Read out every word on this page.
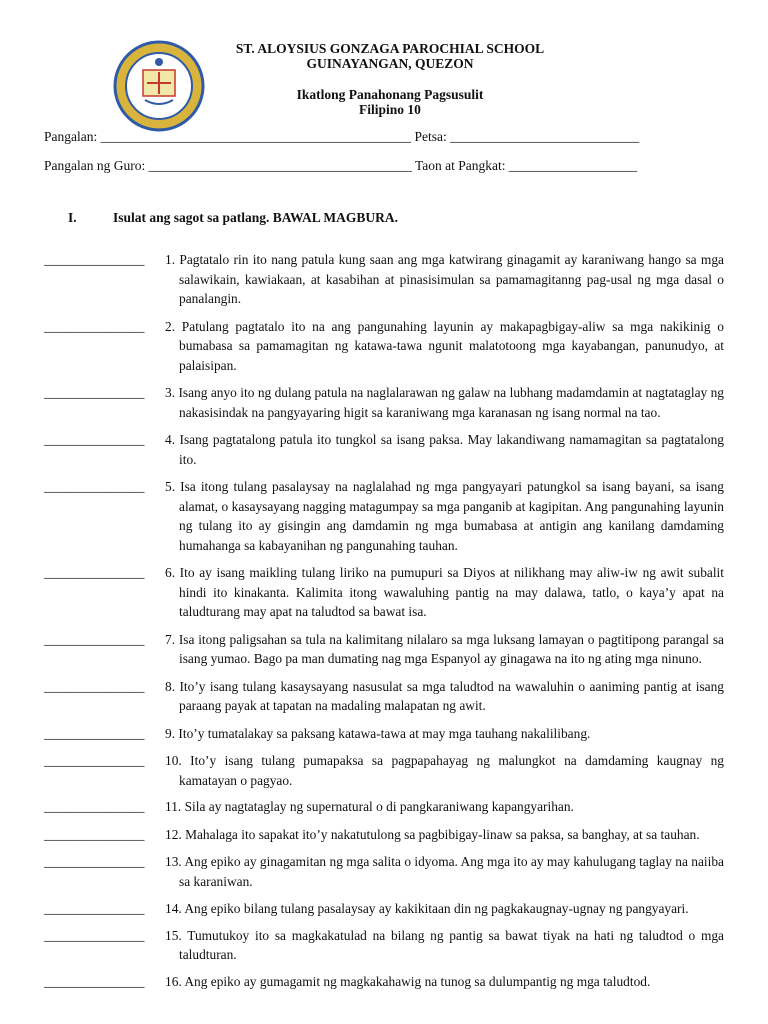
ST. ALOYSIUS GONZAGA PAROCHIAL SCHOOL
GUINAYANGAN, QUEZON
Ikatlong Panahonang Pagsusulit
Filipino 10
Pangalan: ______________________________________________ Petsa: ____________________________
Pangalan ng Guro: _______________________________________ Taon at Pangkat: ___________________
I.	Isulat ang sagot sa patlang. BAWAL MAGBURA.
_______________ 1. Pagtatalo rin ito nang patula kung saan ang mga katwirang ginagamit ay karaniwang hango sa mga salawikain, kawiakaan, at kasabihan at pinasisimulan sa pamamagitanng pag-usal ng mga dasal o panalangin.
_______________ 2. Patulang pagtatalo ito na ang pangunahing layunin ay makapagbigay-aliw sa mga nakikinig o bumabasa sa pamamagitan ng katawa-tawa ngunit malatotoong mga kayabangan, panunudyo, at palaisipan.
_______________ 3. Isang anyo ito ng dulang patula na naglalarawan ng galaw na lubhang madamdamin at nagtataglay ng nakasisindak na pangyayaring higit sa karaniwang mga karanasan ng isang normal na tao.
_______________ 4. Isang pagtatalong patula ito tungkol sa isang paksa. May lakandiwang namamagitan sa pagtatalong ito.
_______________ 5. Isa itong tulang pasalaysay na naglalahad ng mga pangyayari patungkol sa isang bayani, sa isang alamat, o kasaysayang nagging matagumpay sa mga panganib at kagipitan. Ang pangunahing layunin ng tulang ito ay gisingin ang damdamin ng mga bumabasa at antigin ang kanilang damdaming humahanga sa kabayanihan ng pangunahing tauhan.
_______________ 6. Ito ay isang maikling tulang liriko na pumupuri sa Diyos at nilikhang may aliw-iw ng awit subalit hindi ito kinakanta. Kalimita itong wawaluhing pantig na may dalawa, tatlo, o kaya’y apat na taludturang may apat na taludtod sa bawat isa.
_______________ 7. Isa itong paligsahan sa tula na kalimitang nilalaro sa mga luksang lamayan o pagtitipong parangal sa isang yumao. Bago pa man dumating nag mga Espanyol ay ginagawa na ito ng ating mga ninuno.
_______________ 8. Ito’y isang tulang kasaysayang nasusulat sa mga taludtod na wawaluhin o aaniming pantig at isang paraang payak at tapatan na madaling malapatan ng awit.
_______________ 9. Ito’y tumatalakay sa paksang katawa-tawa at may mga tauhang nakalilibang.
_______________ 10. Ito’y isang tulang pumapaksa sa pagpapahayag ng malungkot na damdaming kaugnay ng kamatayan o pagyao.
_______________ 11. Sila ay nagtataglay ng supernatural o di pangkaraniwang kapangyarihan.
_______________ 12. Mahalaga ito sapakat ito’y nakatutulong sa pagbibigay-linaw sa paksa, sa banghay, at sa tauhan.
_______________ 13. Ang epiko ay ginagamitan ng mga salita o idyoma. Ang mga ito ay may kahulugang taglay na naiiba sa karaniwan.
_______________ 14. Ang epiko bilang tulang pasalaysay ay kakikitaan din ng pagkakaugnay-ugnay ng pangyayari.
_______________ 15. Tumutukoy ito sa magkakatulad na bilang ng pantig sa bawat tiyak na hati ng taludtod o mga taludturan.
_______________ 16. Ang epiko ay gumagamit ng magkakahawig na tunog sa dulumpantig ng mga taludtod.
